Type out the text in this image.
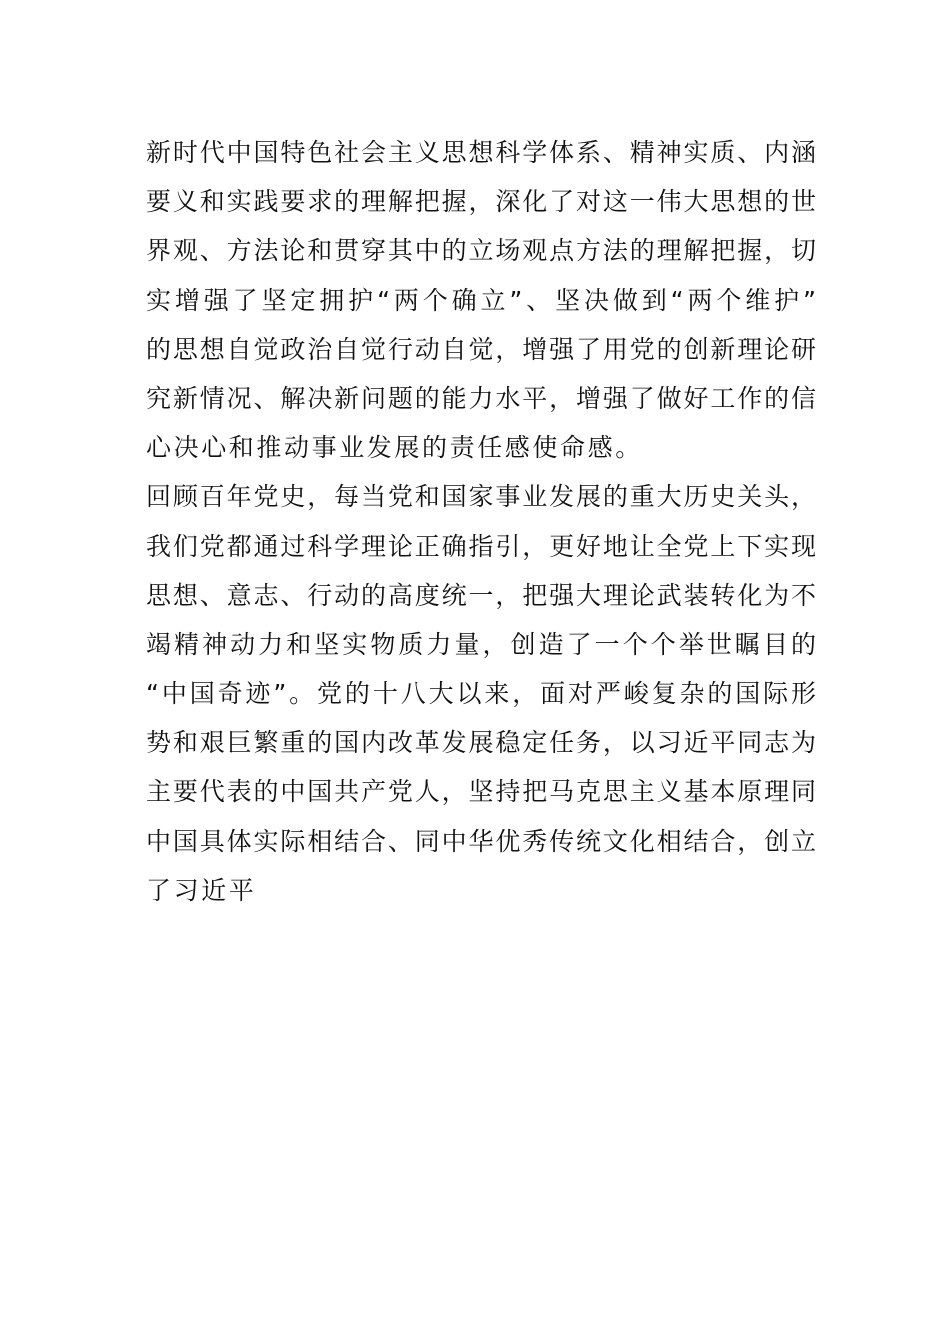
新时代中国特色社会主义思想科学体系、精神实质、内涵
要义和实践要求的理解把握，深化了对这一伟大思想的世
界观、方法论和贯穿其中的立场观点方法的理解把握，切
实增强了坚定拥护“两个确立”、坚决做到“两个维护”
的思想自觉政治自觉行动自觉，增强了用党的创新理论研
究新情况、解决新问题的能力水平，增强了做好工作的信
心决心和推动事业发展的责任感使命感。
回顾百年党史，每当党和国家事业发展的重大历史关头，
我们党都通过科学理论正确指引，更好地让全党上下实现
思想、意志、行动的高度统一，把强大理论武装转化为不
竭精神动力和坚实物质力量，创造了一个个举世瞩目的
“中国奇迹”。党的十八大以来，面对严峻复杂的国际形
势和艰巨繁重的国内改革发展稳定任务，以习近平同志为
主要代表的中国共产党人，坚持把马克思主义基本原理同
中国具体实际相结合、同中华优秀传统文化相结合，创立
了习近平
